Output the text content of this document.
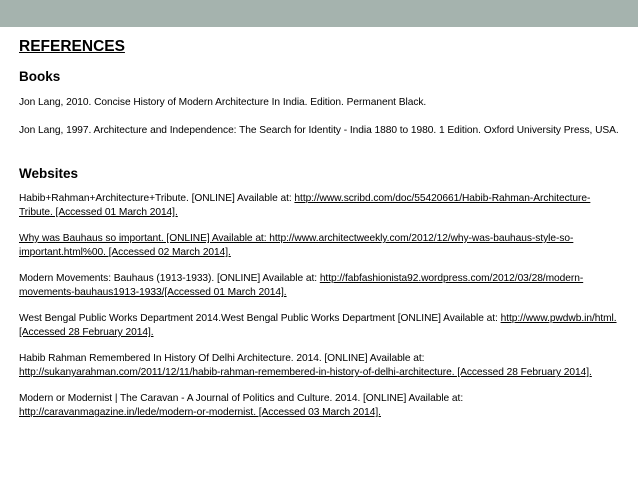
REFERENCES
Books

Jon Lang, 2010. Concise History of Modern Architecture In India. Edition. Permanent Black.

Jon Lang, 1997. Architecture and Independence: The Search for Identity - India 1880 to 1980. 1 Edition. Oxford University Press, USA.

Websites

Habib+Rahman+Architecture+Tribute. [ONLINE] Available at: http://www.scribd.com/doc/55420661/Habib-Rahman-Architecture-Tribute. [Accessed 01 March 2014].

Why was Bauhaus so important. [ONLINE] Available at: http://www.architectweekly.com/2012/12/why-was-bauhaus-style-so-important.html%00. [Accessed 02 March 2014].

Modern Movements: Bauhaus (1913-1933). [ONLINE] Available at: http://fabfashionista92.wordpress.com/2012/03/28/modern-movements-bauhaus1913-1933/[Accessed 01 March 2014].

West Bengal Public Works Department 2014.West Bengal Public Works Department [ONLINE] Available at: http://www.pwdwb.in/html. [Accessed 28 February 2014].

Habib Rahman Remembered In History Of Delhi Architecture. 2014. [ONLINE] Available at: http://sukanyarahman.com/2011/12/11/habib-rahman-remembered-in-history-of-delhi-architecture. [Accessed 28 February 2014].

Modern or Modernist | The Caravan - A Journal of Politics and Culture. 2014. [ONLINE] Available at: http://caravanmagazine.in/lede/modern-or-modernist. [Accessed 03 March 2014].
